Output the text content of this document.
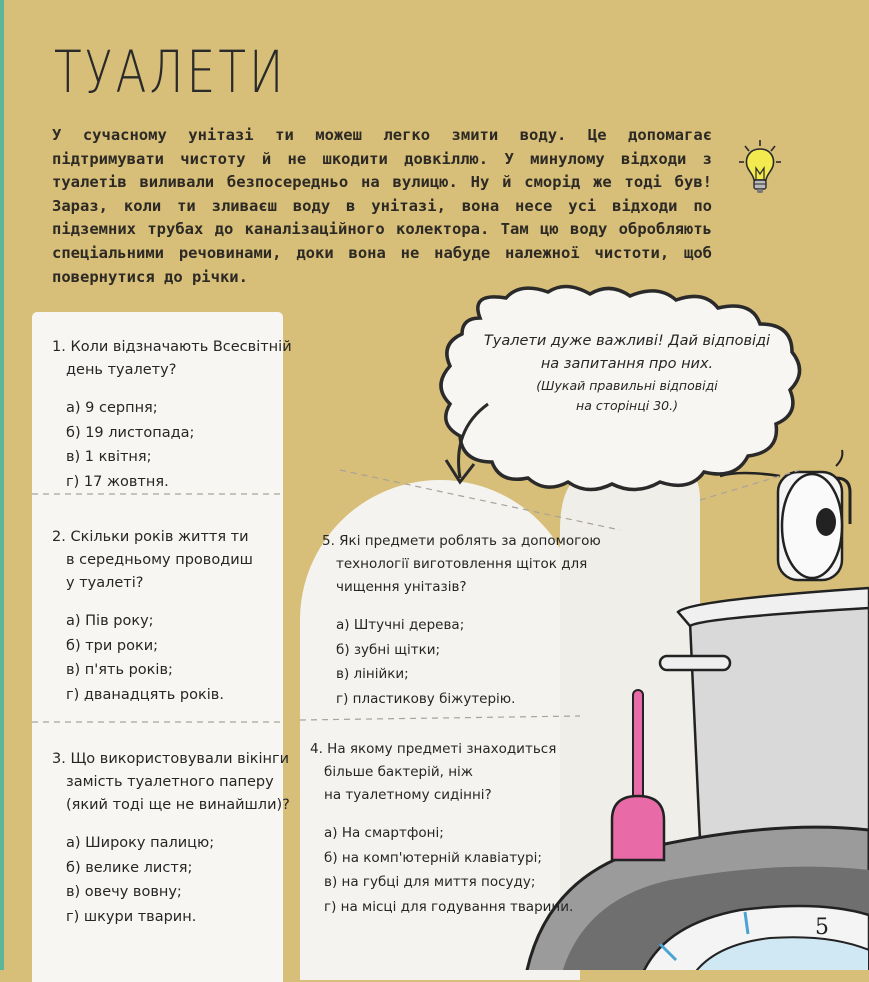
ТУАЛЕТИ

У сучасному унітазі ти можеш легко змити воду. Це допомагає підтримувати чистоту й не шкодити довкіллю. У минулому відходи з туалетів виливали безпосередньо на вулицю. Ну й сморід же тоді був! Зараз, коли ти зливаєш воду в унітазі, вона несе усі відходи по підземних трубах до каналізаційного колектора. Там цю воду обробляють спеціальними речовинами, доки вона не набуде належної чистоти, щоб повернутися до річки.

Туалети дуже важливі! Дай відповіді
на запитання про них.
(Шукай правильні відповіді
на сторінці 30.)

1. Коли відзначають Всесвітній

день туалету?

а) 9 серпня;
б) 19 листопада;
в) 1 квітня;
г) 17 жовтня.

2. Скільки років життя ти

в середньому проводиш

у туалеті?

а) Пів року;
б) три роки;
в) п'ять років;
г) дванадцять років.

3. Що використовували вікінги

замість туалетного паперу

(який тоді ще не винайшли)?

а) Широку палицю;
б) велике листя;
в) овечу вовну;
г) шкури тварин.

5. Які предмети роблять за допомогою

технології виготовлення щіток для

чищення унітазів?

а) Штучні дерева;
б) зубні щітки;
в) лінійки;
г) пластикову біжутерію.

4. На якому предметі знаходиться

більше бактерій, ніж

на туалетному сидінні?

а) На смартфоні;
б) на комп'ютерній клавіатурі;
в) на губці для миття посуду;
г) на місці для годування тварини.
5
